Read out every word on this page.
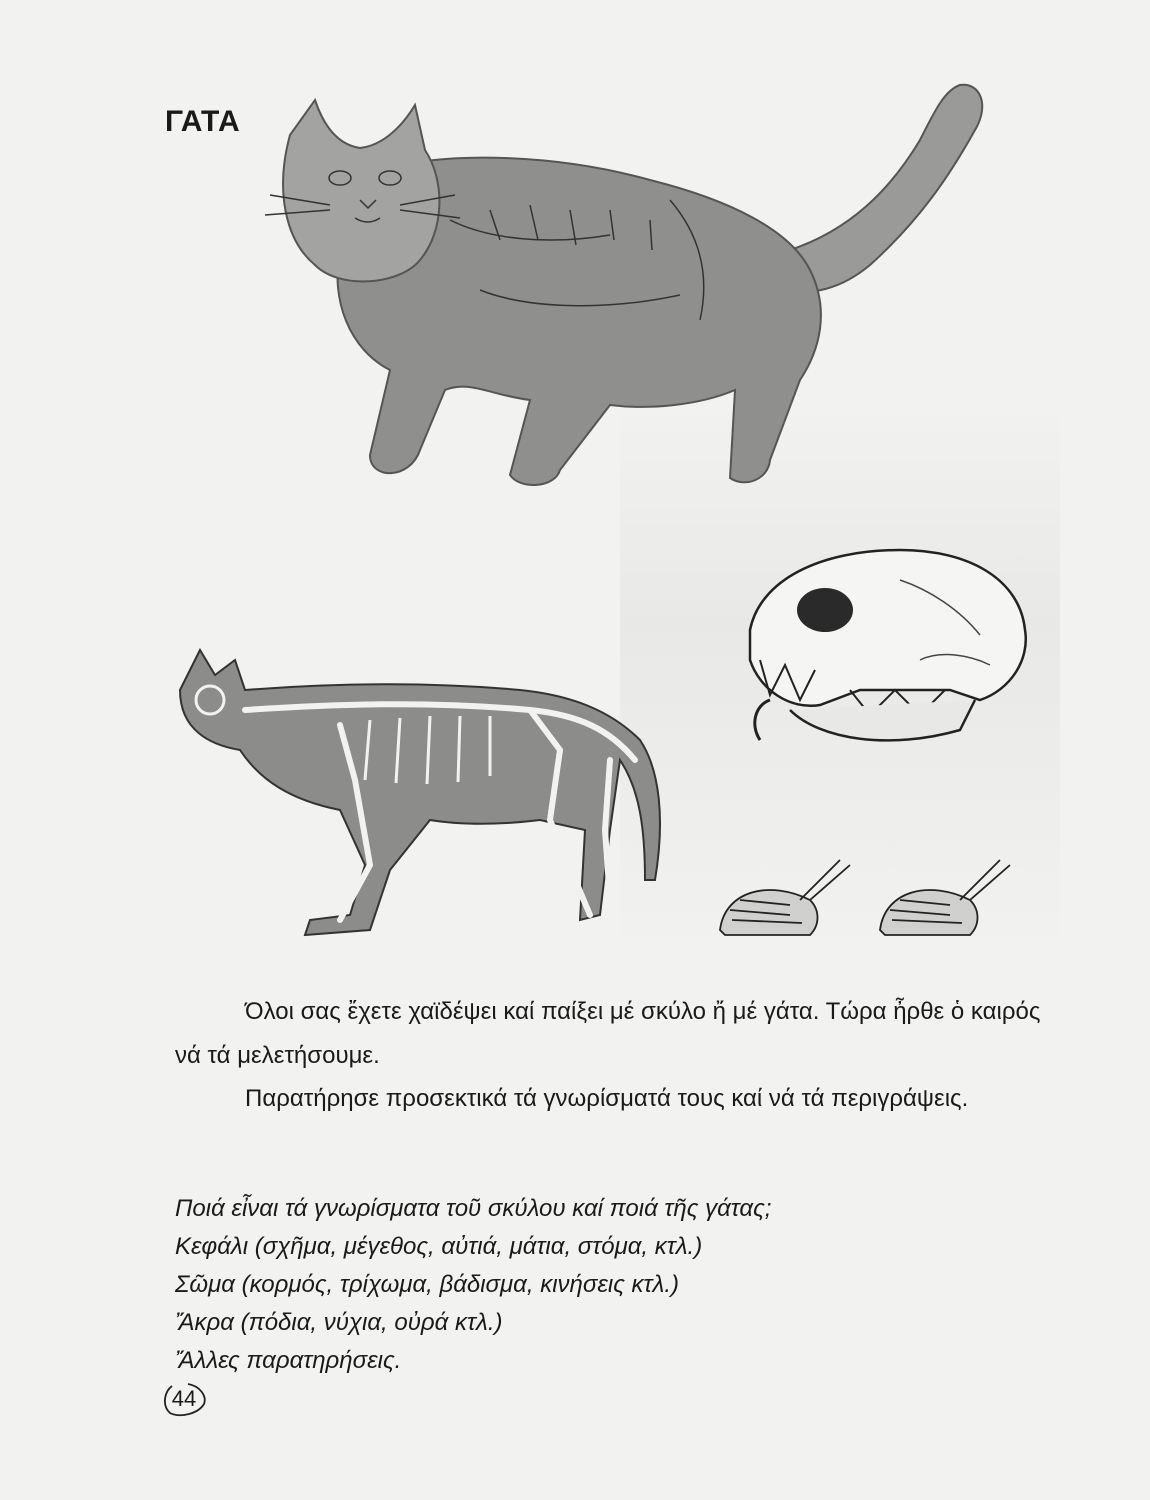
ΓΑΤΑ
Όλοι σας ἔχετε χαϊδέψει καί παίξει μέ σκύλο ἤ μέ γάτα. Τώρα ἦρθε ὁ καιρός νά τά μελετήσουμε.
Παρατήρησε προσεκτικά τά γνωρίσματά τους καί νά τά περιγράψεις.
Ποιά εἶναι τά γνωρίσματα τοῦ σκύλου καί ποιά τῆς γάτας;
Κεφάλι (σχῆμα, μέγεθος, αὐτιά, μάτια, στόμα, κτλ.)
Σῶμα (κορμός, τρίχωμα, βάδισμα, κινήσεις κτλ.)
Ἄκρα (πόδια, νύχια, οὐρά κτλ.)
Ἄλλες παρατηρήσεις.
44
